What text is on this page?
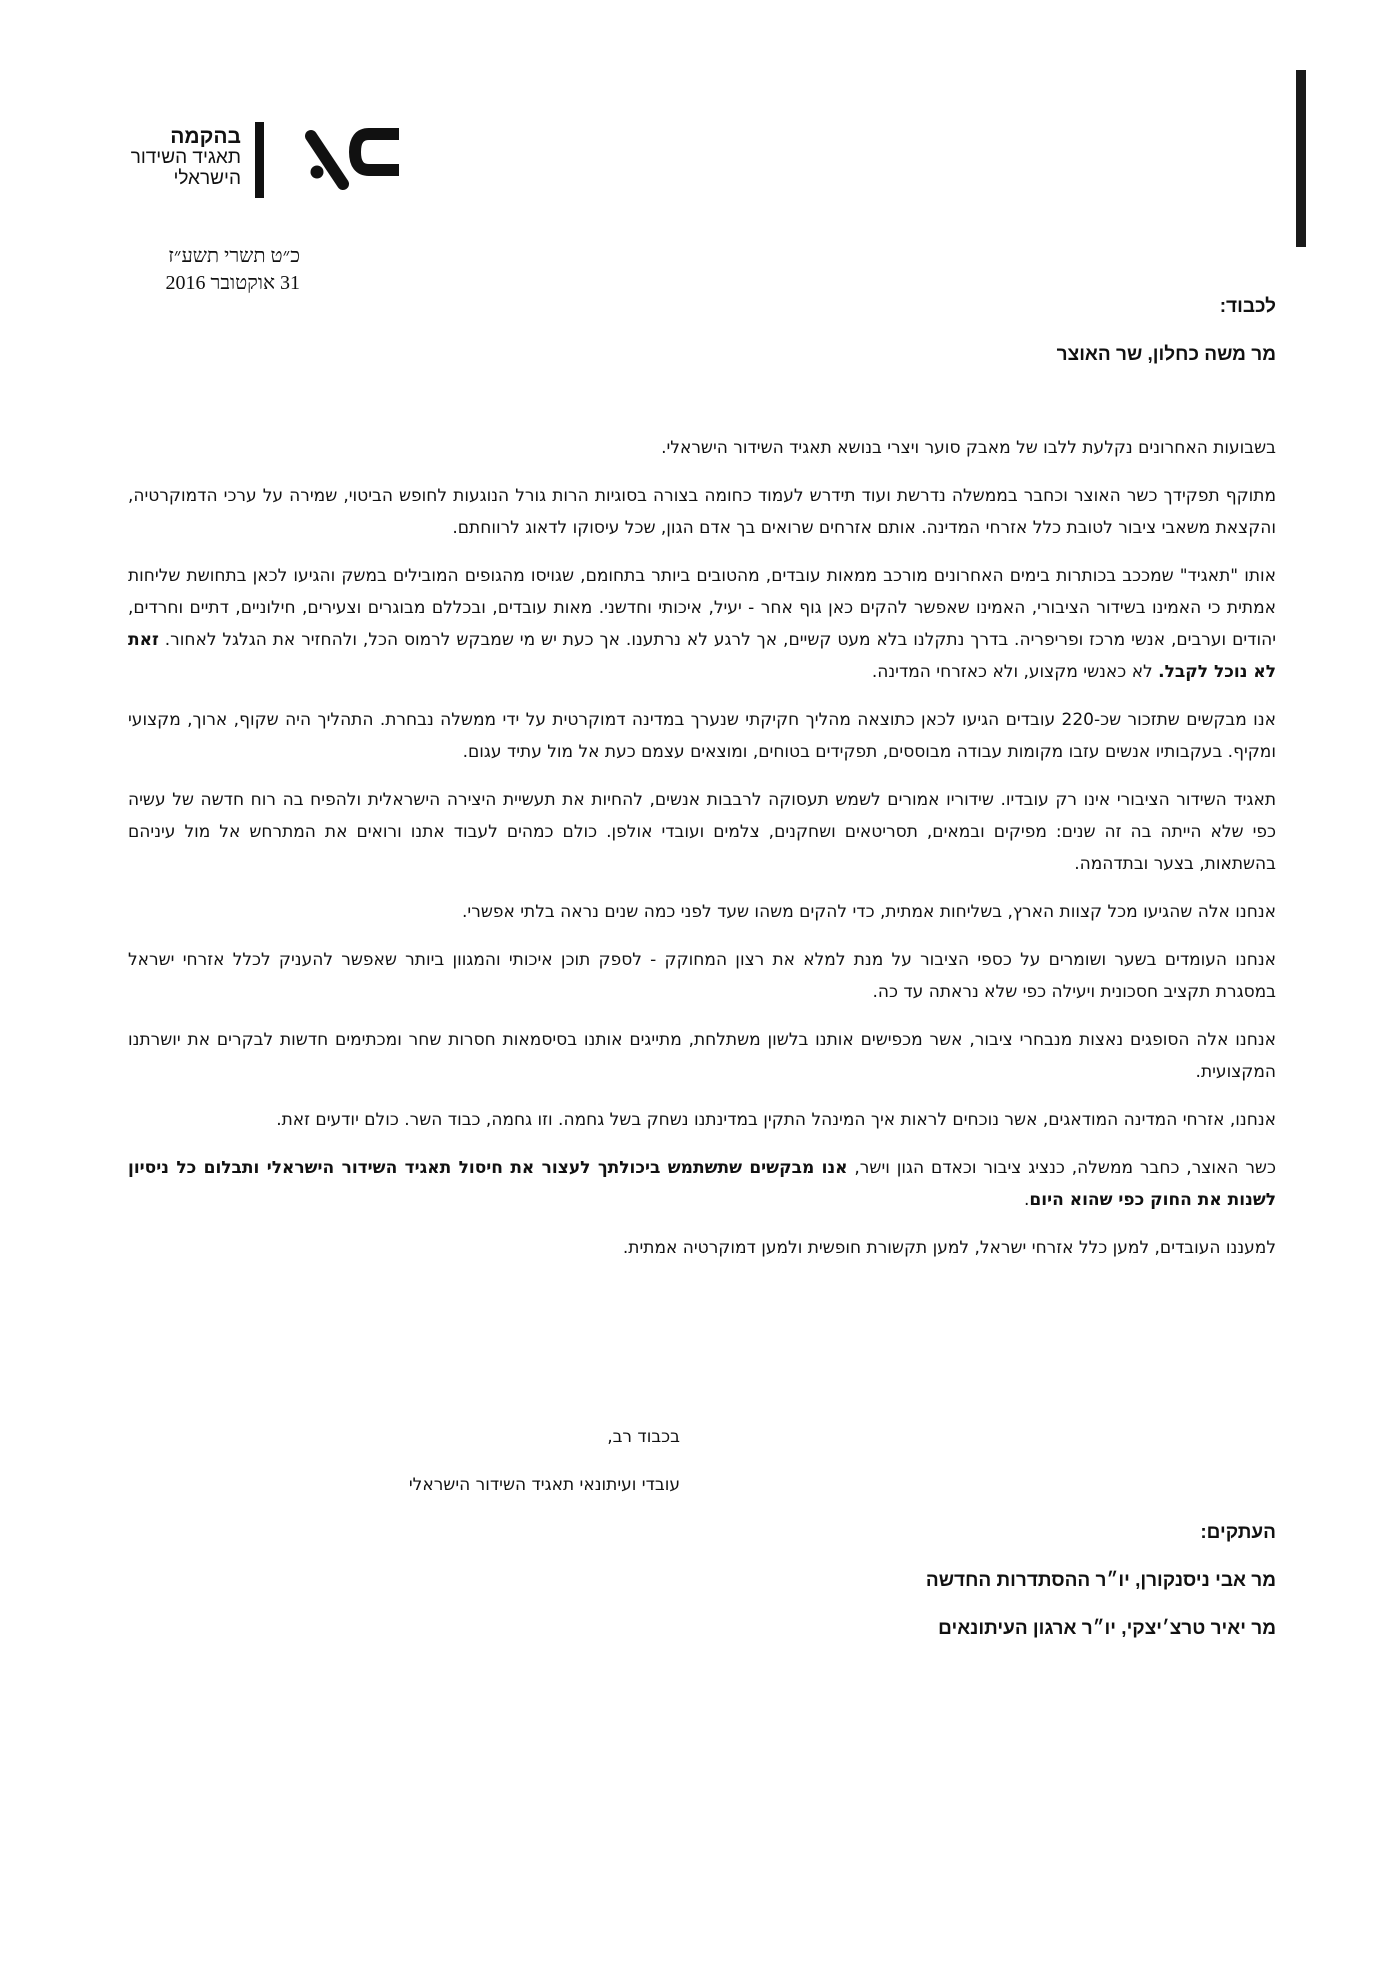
בהקמה
תאגיד השידור
הישראלי
כ״ט תשרי תשע״ז
31 אוקטובר 2016
לכבוד:
מר משה כחלון, שר האוצר

בשבועות האחרונים נקלעת ללבו של מאבק סוער ויצרי בנושא תאגיד השידור הישראלי.

מתוקף תפקידך כשר האוצר וכחבר בממשלה נדרשת ועוד תידרש לעמוד כחומה בצורה בסוגיות הרות גורל הנוגעות לחופש הביטוי, שמירה על ערכי הדמוקרטיה, והקצאת משאבי ציבור לטובת כלל אזרחי המדינה. אותם אזרחים שרואים בך אדם הגון, שכל עיסוקו לדאוג לרווחתם.

אותו "תאגיד" שמככב בכותרות בימים האחרונים מורכב ממאות עובדים, מהטובים ביותר בתחומם, שגויסו מהגופים המובילים במשק והגיעו לכאן בתחושת שליחות אמתית כי האמינו בשידור הציבורי, האמינו שאפשר להקים כאן גוף אחר - יעיל, איכותי וחדשני. מאות עובדים, ובכללם מבוגרים וצעירים, חילוניים, דתיים וחרדים, יהודים וערבים, אנשי מרכז ופריפריה. בדרך נתקלנו בלא מעט קשיים, אך לרגע לא נרתענו. אך כעת יש מי שמבקש לרמוס הכל, ולהחזיר את הגלגל לאחור. זאת לא נוכל לקבל. לא כאנשי מקצוע, ולא כאזרחי המדינה.

אנו מבקשים שתזכור שכ-220 עובדים הגיעו לכאן כתוצאה מהליך חקיקתי שנערך במדינה דמוקרטית על ידי ממשלה נבחרת. התהליך היה שקוף, ארוך, מקצועי ומקיף. בעקבותיו אנשים עזבו מקומות עבודה מבוססים, תפקידים בטוחים, ומוצאים עצמם כעת אל מול עתיד עגום.

תאגיד השידור הציבורי אינו רק עובדיו. שידוריו אמורים לשמש תעסוקה לרבבות אנשים, להחיות את תעשיית היצירה הישראלית ולהפיח בה רוח חדשה של עשיה כפי שלא הייתה בה זה שנים: מפיקים ובמאים, תסריטאים ושחקנים, צלמים ועובדי אולפן. כולם כמהים לעבוד אתנו ורואים את המתרחש אל מול עיניהם בהשתאות, בצער ובתדהמה.

אנחנו אלה שהגיעו מכל קצוות הארץ, בשליחות אמתית, כדי להקים משהו שעד לפני כמה שנים נראה בלתי אפשרי.

אנחנו העומדים בשער ושומרים על כספי הציבור על מנת למלא את רצון המחוקק - לספק תוכן איכותי והמגוון ביותר שאפשר להעניק לכלל אזרחי ישראל במסגרת תקציב חסכונית ויעילה כפי שלא נראתה עד כה.

אנחנו אלה הסופגים נאצות מנבחרי ציבור, אשר מכפישים אותנו בלשון משתלחת, מתייגים אותנו בסיסמאות חסרות שחר ומכתימים חדשות לבקרים את יושרתנו המקצועית.

אנחנו, אזרחי המדינה המודאגים, אשר נוכחים לראות איך המינהל התקין במדינתנו נשחק בשל גחמה. וזו גחמה, כבוד השר. כולם יודעים זאת.

כשר האוצר, כחבר ממשלה, כנציג ציבור וכאדם הגון וישר, אנו מבקשים שתשתמש ביכולתך לעצור את חיסול תאגיד השידור הישראלי ותבלום כל ניסיון לשנות את החוק כפי שהוא היום.

למעננו העובדים, למען כלל אזרחי ישראל, למען תקשורת חופשית ולמען דמוקרטיה אמתית.

בכבוד רב,
עובדי ועיתונאי תאגיד השידור הישראלי
העתקים:
מר אבי ניסנקורן, יו״ר ההסתדרות החדשה
מר יאיר טרצ׳יצקי, יו״ר ארגון העיתונאים
